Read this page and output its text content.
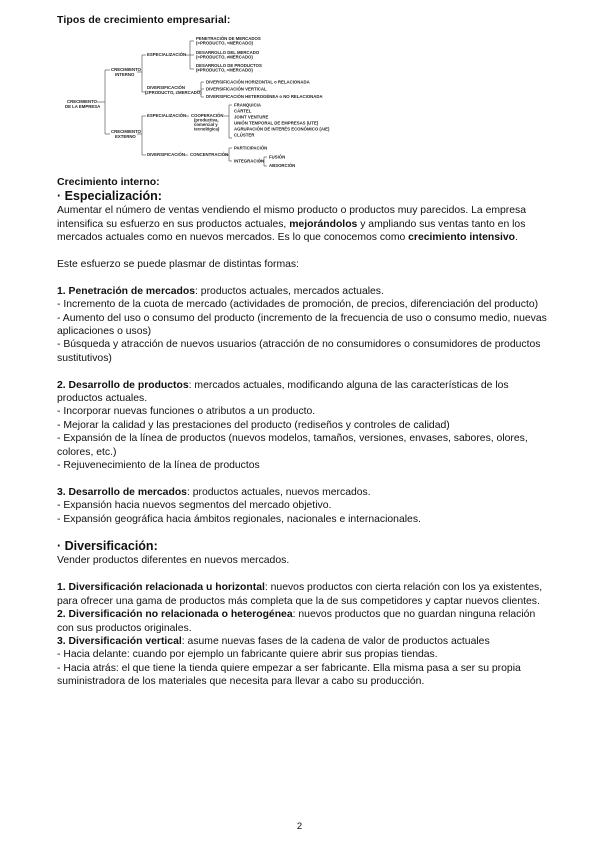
Tipos de crecimiento empresarial:
CRECIMIENTO
DE LA EMPRESA
CRECIMIENTO
INTERNO
ESPECIALIZACIÓN
PENETRACIÓN DE MERCADOS
(=PRODUCTO, =MERCADO)
DESARROLLO DEL MERCADO
(=PRODUCTO, ≠MERCADO)
DESARROLLO DE PRODUCTOS
(≠PRODUCTO, =MERCADO)
DIVERSIFICACIÓN
(≠PRODUCTO, ≠MERCADO)
DIVERSIFICACIÓN HORIZONTAL o RELACIONADA
DIVERSIFICACIÓN VERTICAL
DIVERSIFICACIÓN HETEROGÉNEA o NO RELACIONADA
CRECIMIENTO
EXTERNO
ESPECIALIZACIÓN COOPERACIÓN
(productiva,
comercial y
tecnológica)
FRANQUICIA
CÁRTEL
JOINT VENTURE
UNIÓN TEMPORAL DE EMPRESAS (UTE)
AGRUPACIÓN DE INTERÉS ECONÓMICO (AIE)
CLÚSTER
DIVERSIFICACIÓN CONCENTRACIÓN
PARTICIPACIÓN
INTEGRACIÓN
FUSIÓN
ABSORCIÓN

Crecimiento interno:

· Especialización:

Aumentar el número de ventas vendiendo el mismo producto o productos muy parecidos. La empresa intensifica su esfuerzo en sus productos actuales, mejorándolos y ampliando sus ventas tanto en los mercados actuales como en nuevos mercados. Es lo que conocemos como crecimiento intensivo.

Este esfuerzo se puede plasmar de distintas formas:

1. Penetración de mercados: productos actuales, mercados actuales.

- Incremento de la cuota de mercado (actividades de promoción, de precios, diferenciación del producto)

- Aumento del uso o consumo del producto (incremento de la frecuencia de uso o consumo medio, nuevas aplicaciones o usos)

- Búsqueda y atracción de nuevos usuarios (atracción de no consumidores o consumidores de productos sustitutivos)

2. Desarrollo de productos: mercados actuales, modificando alguna de las características de los productos actuales.

- Incorporar nuevas funciones o atributos a un producto.

- Mejorar la calidad y las prestaciones del producto (rediseños y controles de calidad)

- Expansión de la línea de productos (nuevos modelos, tamaños, versiones, envases, sabores, olores, colores, etc.)

- Rejuvenecimiento de la línea de productos

3. Desarrollo de mercados: productos actuales, nuevos mercados.

- Expansión hacia nuevos segmentos del mercado objetivo.

- Expansión geográfica hacia ámbitos regionales, nacionales e internacionales.

· Diversificación:

Vender productos diferentes en nuevos mercados.

1. Diversificación relacionada u horizontal: nuevos productos con cierta relación con los ya existentes, para ofrecer una gama de productos más completa que la de sus competidores y captar nuevos clientes.

2. Diversificación no relacionada o heterogénea: nuevos productos que no guardan ninguna relación con sus productos originales.

3. Diversificación vertical: asume nuevas fases de la cadena de valor de productos actuales

- Hacia delante: cuando por ejemplo un fabricante quiere abrir sus propias tiendas.

- Hacia atrás: el que tiene la tienda quiere empezar a ser fabricante. Ella misma pasa a ser su propia suministradora de los materiales que necesita para llevar a cabo su producción.

2
